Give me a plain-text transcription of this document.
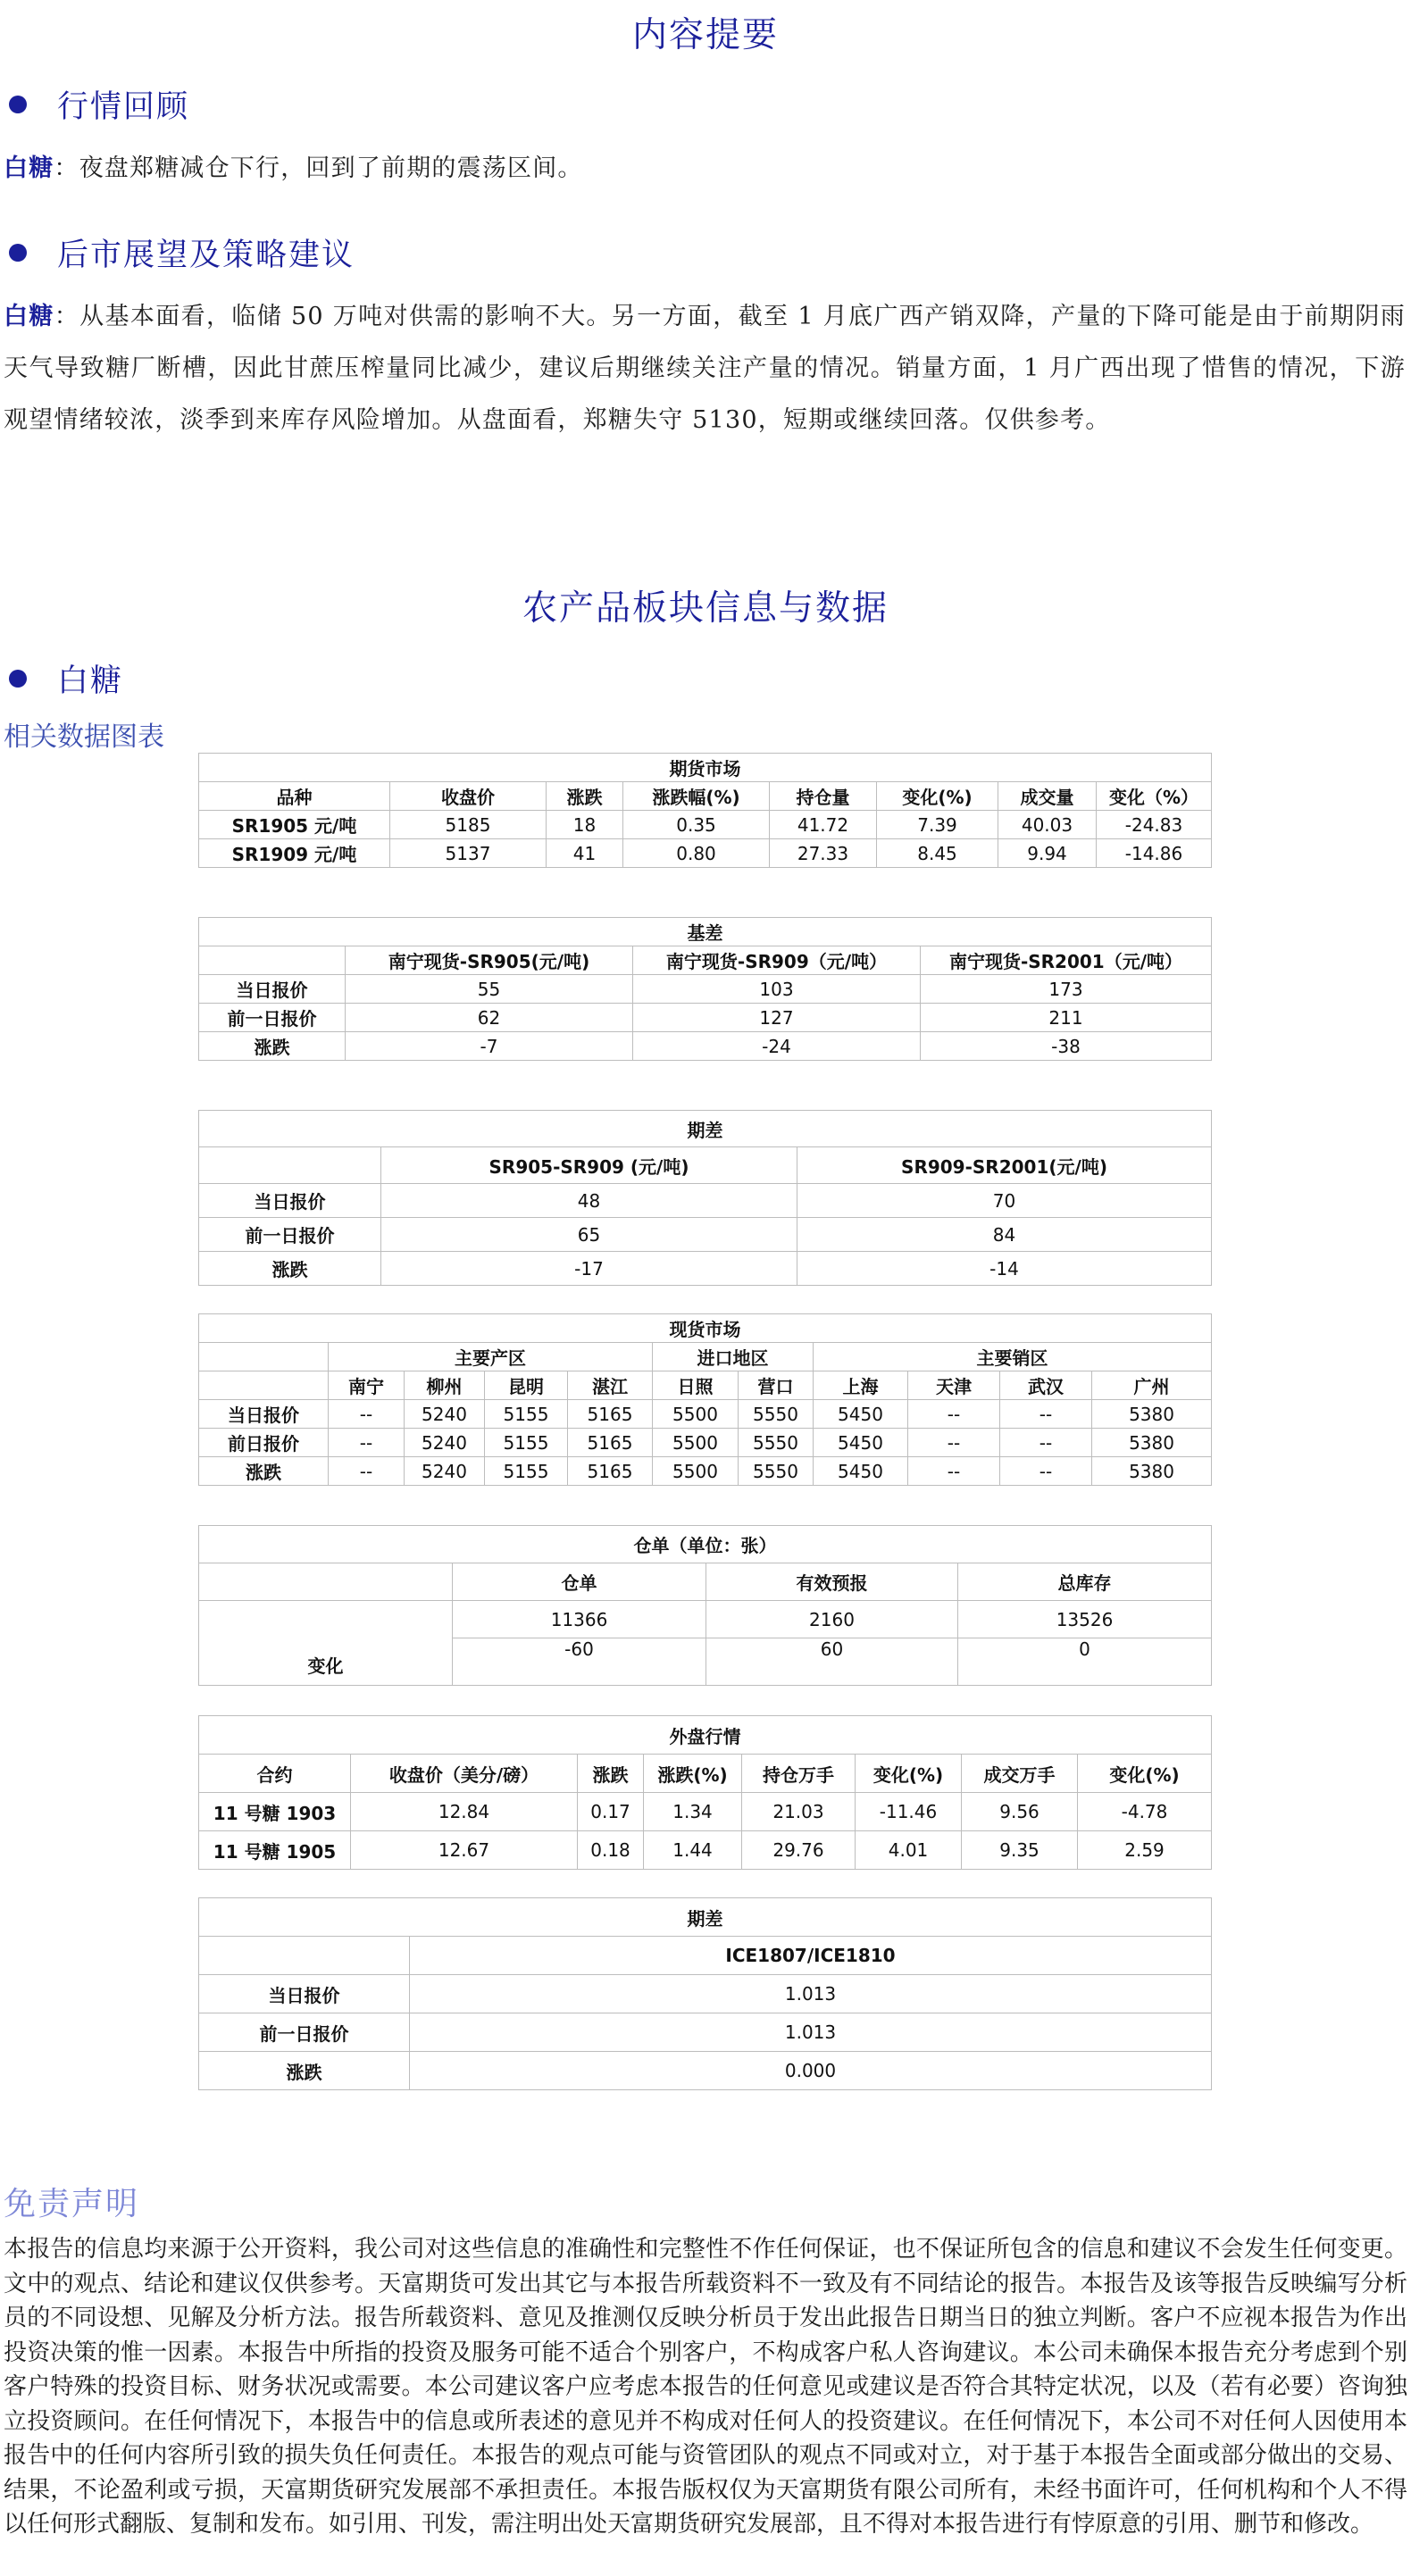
内容提要
行情回顾
白糖：夜盘郑糖减仓下行，回到了前期的震荡区间。
后市展望及策略建议
白糖：从基本面看，临储 50 万吨对供需的影响不大。另一方面，截至 1 月底广西产销双降，产量的下降可能是由于前期阴雨天气导致糖厂断槽，因此甘蔗压榨量同比减少，建议后期继续关注产量的情况。销量方面，1 月广西出现了惜售的情况，下游观望情绪较浓，淡季到来库存风险增加。从盘面看，郑糖失守 5130，短期或继续回落。仅供参考。
农产品板块信息与数据
白糖
相关数据图表
期货市场							
品种	收盘价	涨跌	涨跌幅(%)	持仓量	变化(%)	成交量	变化（%）
SR1905 元/吨	5185	18	0.35	41.72	7.39	40.03	-24.83
SR1909 元/吨	5137	41	0.80	27.33	8.45	9.94	-14.86
基差			
	南宁现货-SR905(元/吨)	南宁现货-SR909（元/吨）	南宁现货-SR2001（元/吨）
当日报价	55	103	173
前一日报价	62	127	211
涨跌	-7	-24	-38
期差		
	SR905-SR909 (元/吨)	SR909-SR2001(元/吨)
当日报价	48	70
前一日报价	65	84
涨跌	-17	-14
现货市场										
	主要产区				进口地区		主要销区			
	南宁	柳州	昆明	湛江	日照	营口	上海	天津	武汉	广州
当日报价	--	5240	5155	5165	5500	5550	5450	--	--	5380
前日报价	--	5240	5155	5165	5500	5550	5450	--	--	5380
涨跌	--	5240	5155	5165	5500	5550	5450	--	--	5380
仓单（单位：张）			
	仓单	有效预报	总库存
	11366	2160	13526
变化	-60	60	0
外盘行情							
合约	收盘价（美分/磅）	涨跌	涨跌(%)	持仓万手	变化(%)	成交万手	变化(%)
11 号糖 1903	12.84	0.17	1.34	21.03	-11.46	9.56	-4.78
11 号糖 1905	12.67	0.18	1.44	29.76	4.01	9.35	2.59
期差	
	ICE1807/ICE1810
当日报价	1.013
前一日报价	1.013
涨跌	0.000
免责声明
本报告的信息均来源于公开资料，我公司对这些信息的准确性和完整性不作任何保证，也不保证所包含的信息和建议不会发生任何变更。文中的观点、结论和建议仅供参考。天富期货可发出其它与本报告所载资料不一致及有不同结论的报告。本报告及该等报告反映编写分析员的不同设想、见解及分析方法。报告所载资料、意见及推测仅反映分析员于发出此报告日期当日的独立判断。客户不应视本报告为作出投资决策的惟一因素。本报告中所指的投资及服务可能不适合个别客户，不构成客户私人咨询建议。本公司未确保本报告充分考虑到个别客户特殊的投资目标、财务状况或需要。本公司建议客户应考虑本报告的任何意见或建议是否符合其特定状况，以及（若有必要）咨询独立投资顾问。在任何情况下，本报告中的信息或所表述的意见并不构成对任何人的投资建议。在任何情况下，本公司不对任何人因使用本报告中的任何内容所引致的损失负任何责任。本报告的观点可能与资管团队的观点不同或对立，对于基于本报告全面或部分做出的交易、结果，不论盈利或亏损，天富期货研究发展部不承担责任。本报告版权仅为天富期货有限公司所有，未经书面许可，任何机构和个人不得以任何形式翻版、复制和发布。如引用、刊发，需注明出处天富期货研究发展部，且不得对本报告进行有悖原意的引用、删节和修改。
